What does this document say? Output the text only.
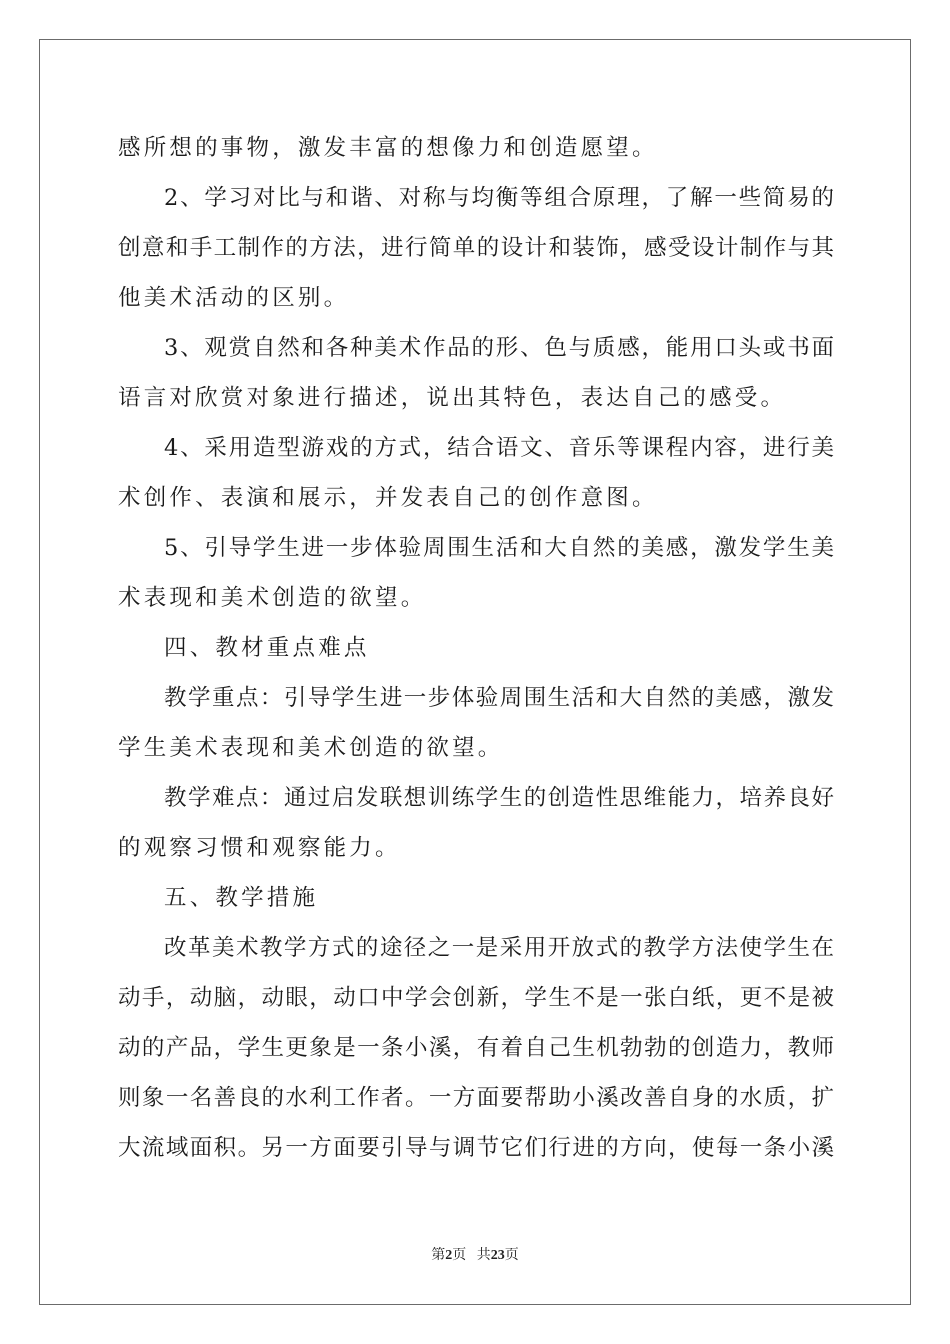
感所想的事物，激发丰富的想像力和创造愿望。
2、学习对比与和谐、对称与均衡等组合原理，了解一些简易的
创意和手工制作的方法，进行简单的设计和装饰，感受设计制作与其
他美术活动的区别。
3、观赏自然和各种美术作品的形、色与质感，能用口头或书面
语言对欣赏对象进行描述，说出其特色，表达自己的感受。
4、采用造型游戏的方式，结合语文、音乐等课程内容，进行美
术创作、表演和展示，并发表自己的创作意图。
5、引导学生进一步体验周围生活和大自然的美感，激发学生美
术表现和美术创造的欲望。
四、教材重点难点
教学重点：引导学生进一步体验周围生活和大自然的美感，激发
学生美术表现和美术创造的欲望。
教学难点：通过启发联想训练学生的创造性思维能力，培养良好
的观察习惯和观察能力。
五、教学措施
改革美术教学方式的途径之一是采用开放式的教学方法使学生在
动手，动脑，动眼，动口中学会创新，学生不是一张白纸，更不是被
动的产品，学生更象是一条小溪，有着自己生机勃勃的创造力，教师
则象一名善良的水利工作者。一方面要帮助小溪改善自身的水质，扩
大流域面积。另一方面要引导与调节它们行进的方向，使每一条小溪
第2页 共23页
